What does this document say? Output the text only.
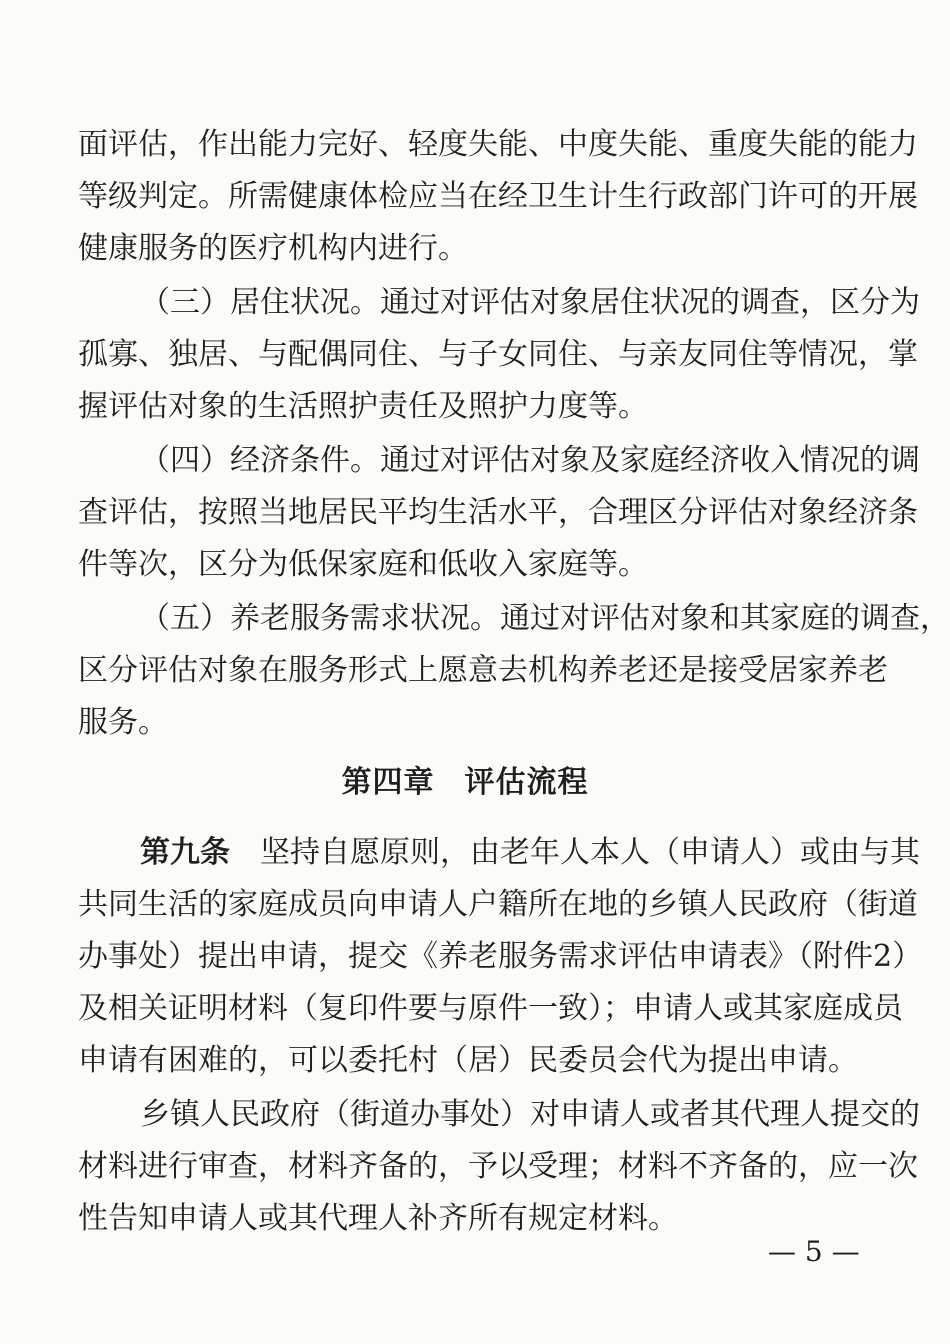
面评估，作出能力完好、轻度失能、中度失能、重度失能的能力
等级判定。所需健康体检应当在经卫生计生行政部门许可的开展
健康服务的医疗机构内进行。
（三）居住状况。通过对评估对象居住状况的调查，区分为
孤寡、独居、与配偶同住、与子女同住、与亲友同住等情况，掌
握评估对象的生活照护责任及照护力度等。
（四）经济条件。通过对评估对象及家庭经济收入情况的调
查评估，按照当地居民平均生活水平，合理区分评估对象经济条
件等次，区分为低保家庭和低收入家庭等。
（五）养老服务需求状况。通过对评估对象和其家庭的调查，
区分评估对象在服务形式上愿意去机构养老还是接受居家养老
服务。
第四章 评估流程
第九条　 坚持自愿原则，由老年人本人（申请人）或由与其
共同生活的家庭成员向申请人户籍所在地的乡镇人民政府（街道
办事处）提出申请，提交《养老服务需求评估申请表》（附件2）
及相关证明材料（复印件要与原件一致）；申请人或其家庭成员
申请有困难的，可以委托村（居）民委员会代为提出申请。
乡镇人民政府（街道办事处）对申请人或者其代理人提交的
材料进行审查，材料齐备的，予以受理；材料不齐备的，应一次
性告知申请人或其代理人补齐所有规定材料。
— 5 —
